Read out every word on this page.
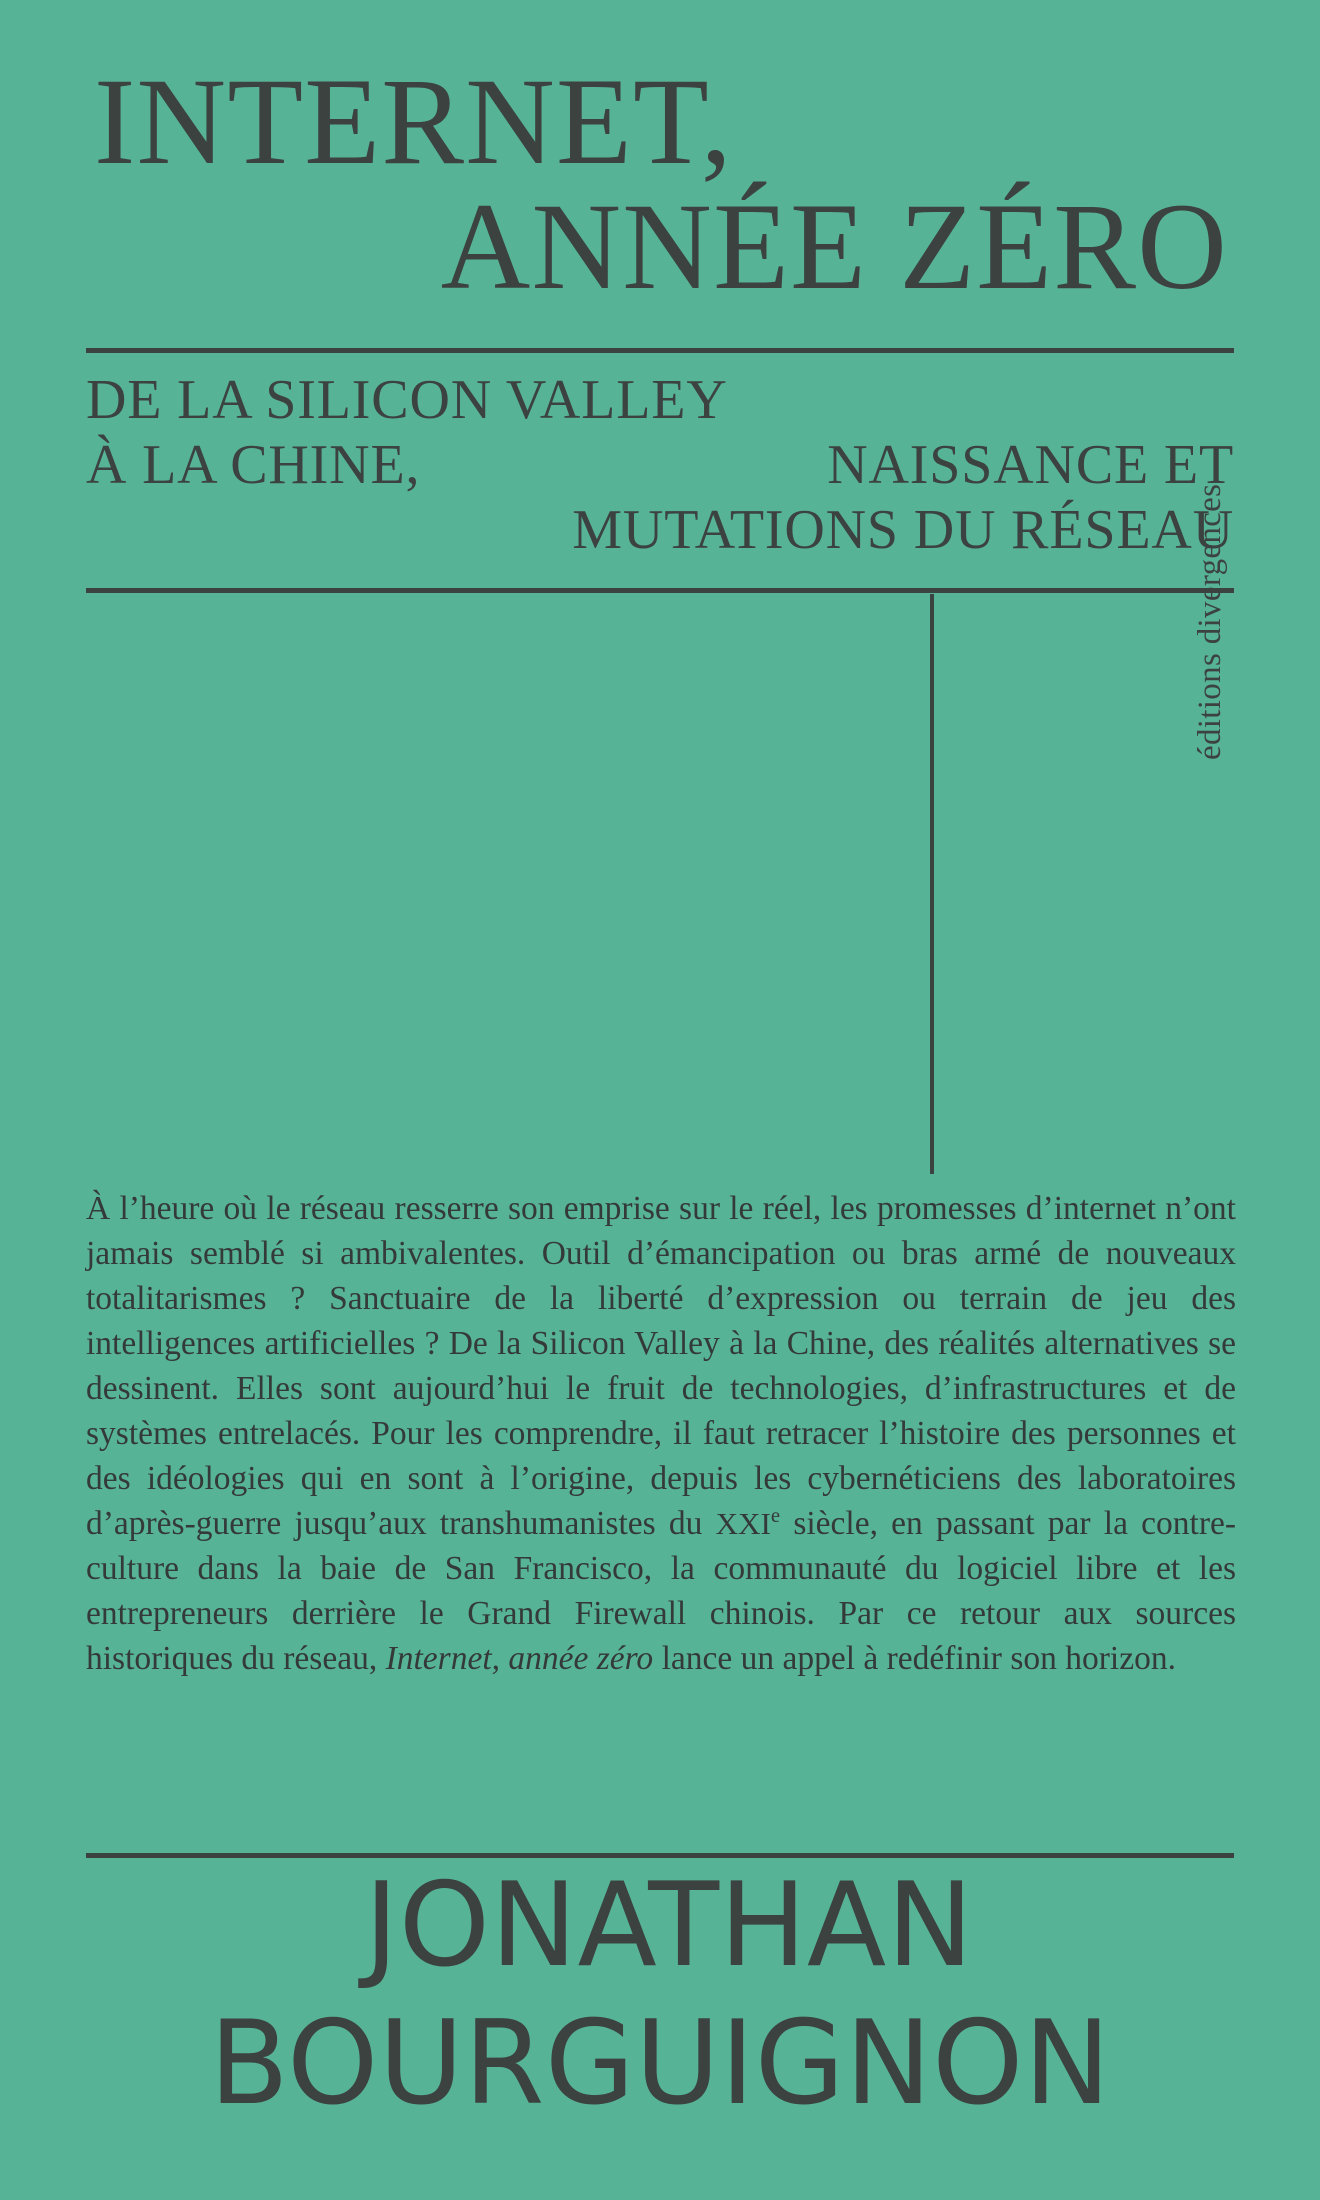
INTERNET,
ANNÉE ZÉRO
DE LA SILICON VALLEY
À LA CHINE,	NAISSANCE ET
MUTATIONS DU RÉSEAU
éditions divergences
À l’heure où le réseau resserre son emprise sur le réel, les promesses d’internet n’ont jamais semblé si ambivalentes. Outil d’émancipation ou bras armé de nouveaux totalitarismes ? Sanctuaire de la liberté d’expression ou terrain de jeu des intelligences artificielles ? De la Silicon Valley à la Chine, des réalités alternatives se dessinent. Elles sont aujourd’hui le fruit de technologies, d’infrastructures et de systèmes entrelacés. Pour les comprendre, il faut retracer l’histoire des personnes et des idéologies qui en sont à l’origine, depuis les cybernéticiens des laboratoires d’après-guerre jusqu’aux transhumanistes du XXIe siècle, en passant par la contre-culture dans la baie de San Francisco, la communauté du logiciel libre et les entrepreneurs derrière le Grand Firewall chinois. Par ce retour aux sources historiques du réseau, Internet, année zéro lance un appel à redéfinir son horizon.
JONATHAN
BOURGUIGNON
